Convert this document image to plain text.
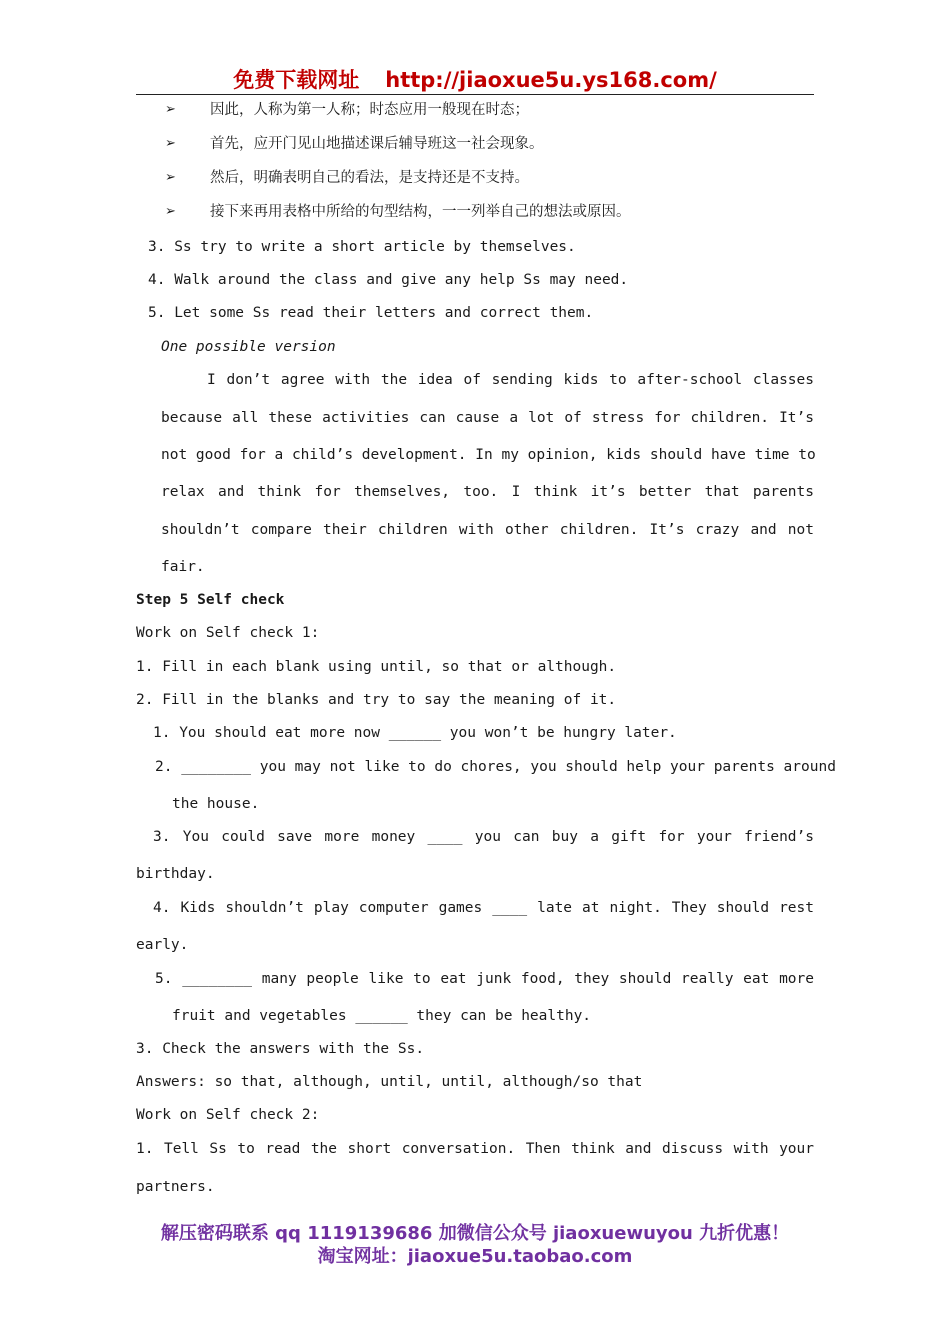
免费下载网址 http://jiaoxue5u.ys168.com/
➢ 因此，人称为第一人称；时态应用一般现在时态；
➢ 首先，应开门见山地描述课后辅导班这一社会现象。
➢ 然后，明确表明自己的看法，是支持还是不支持。
➢ 接下来再用表格中所给的句型结构，一一列举自己的想法或原因。
3. Ss try to write a short article by themselves.
4. Walk around the class and give any help Ss may need.
5. Let some Ss read their letters and correct them.
One possible version
I don’t agree with the idea of sending kids to after-school classes
because all these activities can cause a lot of stress for children. It’s
not good for a child’s development. In my opinion, kids should have time to
relax and think for themselves, too. I think it’s better that parents
shouldn’t compare their children with other children. It’s crazy and not
fair.
Step 5 Self check
Work on Self check 1:
1. Fill in each blank using until, so that or although.
2. Fill in the blanks and try to say the meaning of it.
1. You should eat more now ______ you won’t be hungry later.
2. ________ you may not like to do chores, you should help your parents around
the house.
3. You could save more money ____ you can buy a gift for your friend’s
birthday.
4. Kids shouldn’t play computer games ____ late at night. They should rest
early.
5. ________ many people like to eat junk food, they should really eat more
fruit and vegetables ______ they can be healthy.
3. Check the answers with the Ss.
Answers: so that, although, until, until, although/so that
Work on Self check 2:
1. Tell Ss to read the short conversation. Then think and discuss with your
partners.
解压密码联系 qq 1119139686 加微信公众号 jiaoxuewuyou 九折优惠！
淘宝网址：jiaoxue5u.taobao.com
